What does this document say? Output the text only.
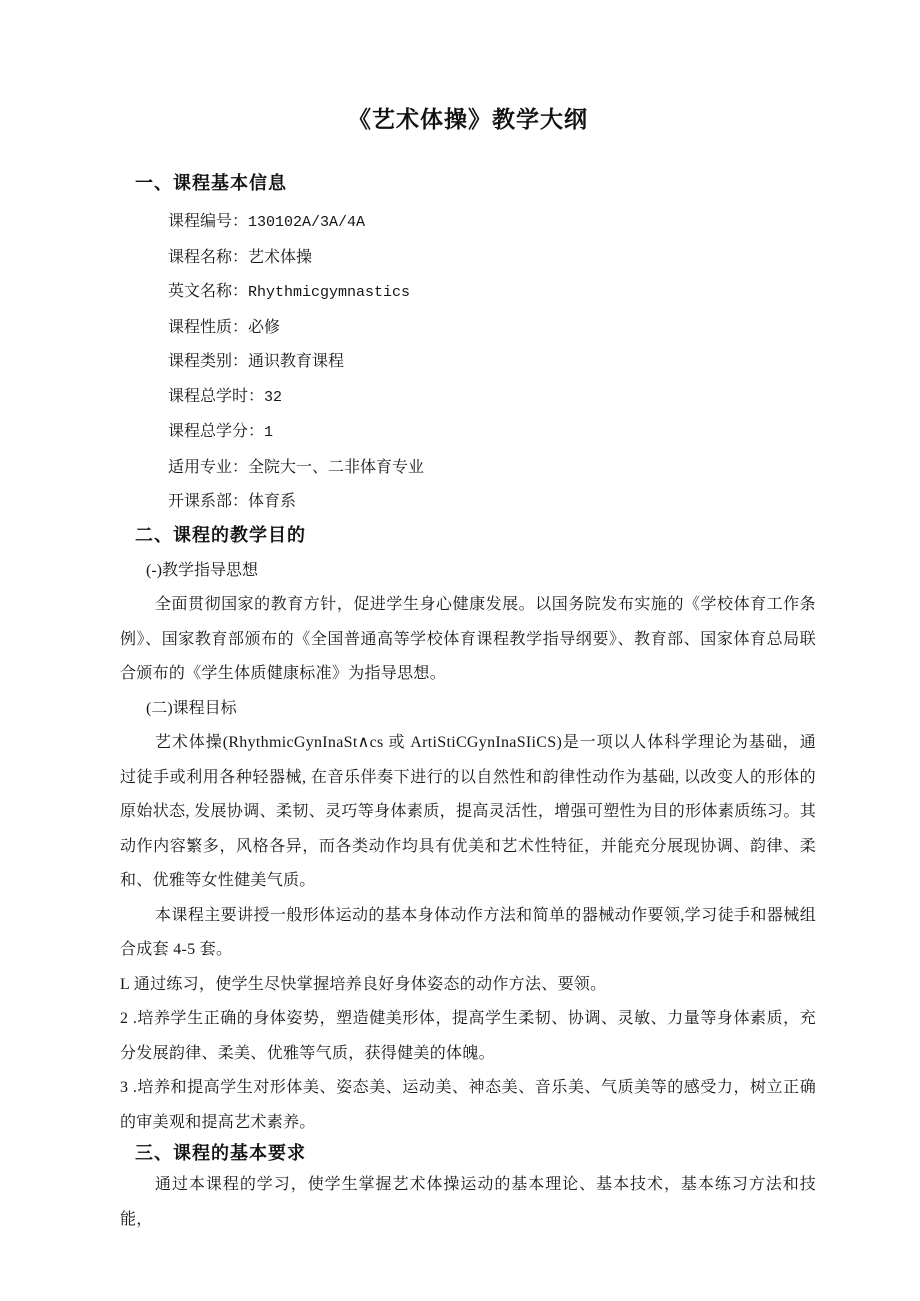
《艺术体操》教学大纲
一、课程基本信息
课程编号：130102A/3A/4A
课程名称：艺术体操
英文名称：Rhythmicgymnastics
课程性质：必修
课程类别：通识教育课程
课程总学时：32
课程总学分：1
适用专业：全院大一、二非体育专业
开课系部：体育系
二、课程的教学目的
(-)教学指导思想

全面贯彻国家的教育方针，促进学生身心健康发展。以国务院发布实施的《学校体育工作条例》、国家教育部颁布的《全国普通高等学校体育课程教学指导纲要》、教育部、国家体育总局联合颁布的《学生体质健康标准》为指导思想。

(二)课程目标

艺术体操(RhythmicGynInaSt∧cs 或 ArtiStiCGynInaSIiCS)是一项以人体科学理论为基础，通过徒手或利用各种轻器械, 在音乐伴奏下进行的以自然性和韵律性动作为基础, 以改变人的形体的原始状态, 发展协调、柔韧、灵巧等身体素质，提高灵活性，增强可塑性为目的形体素质练习。其动作内容繁多，风格各异，而各类动作均具有优美和艺术性特征，并能充分展现协调、韵律、柔和、优雅等女性健美气质。

本课程主要讲授一般形体运动的基本身体动作方法和简单的器械动作要领,学习徒手和器械组合成套 4-5 套。

L 通过练习，使学生尽快掌握培养良好身体姿态的动作方法、要领。

2 .培养学生正确的身体姿势，塑造健美形体，提高学生柔韧、协调、灵敏、力量等身体素质，充分发展韵律、柔美、优雅等气质，获得健美的体魄。

3 .培养和提高学生对形体美、姿态美、运动美、神态美、音乐美、气质美等的感受力，树立正确的审美观和提高艺术素养。

三、课程的基本要求

通过本课程的学习，使学生掌握艺术体操运动的基本理论、基本技术，基本练习方法和技能，
